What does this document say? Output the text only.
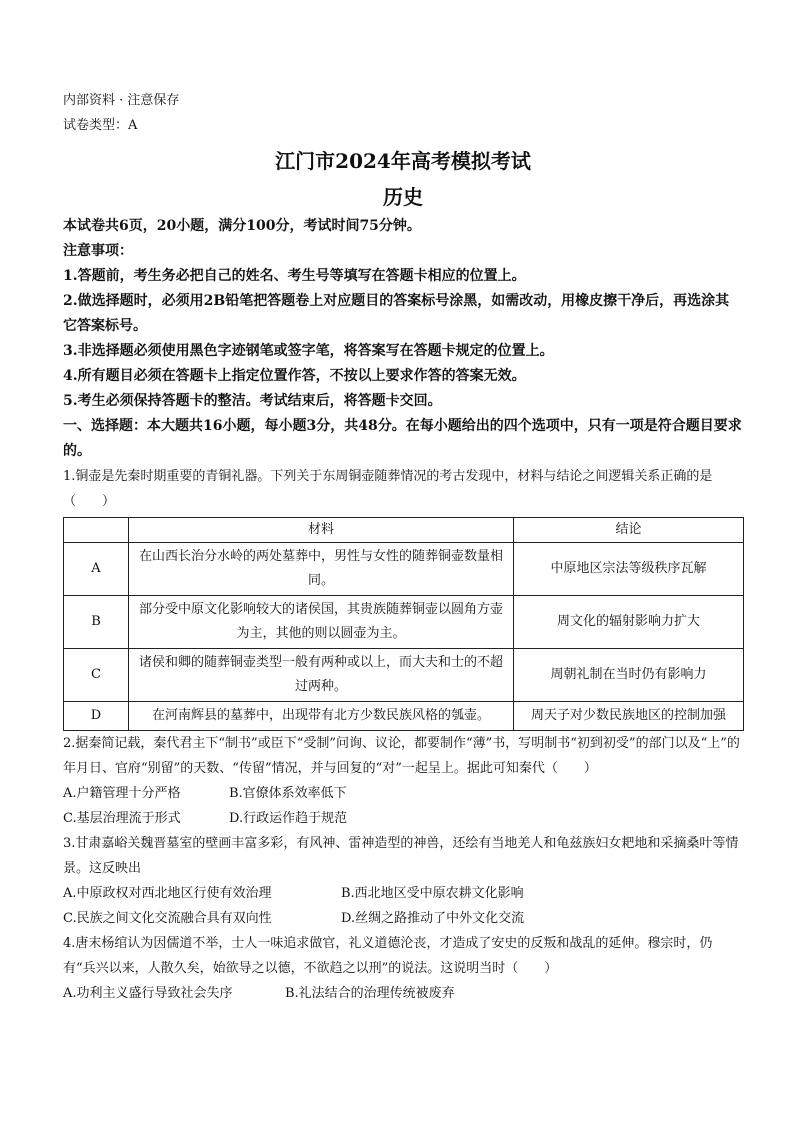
内部资料 · 注意保存
试卷类型：A
江门市2024年高考模拟考试
历史
本试卷共6页，20小题，满分100分，考试时间75分钟。
注意事项：
1.答题前，考生务必把自己的姓名、考生号等填写在答题卡相应的位置上。
2.做选择题时，必须用2B铅笔把答题卷上对应题目的答案标号涂黑，如需改动，用橡皮擦干净后，再选涂其它答案标号。
3.非选择题必须使用黑色字迹钢笔或签字笔，将答案写在答题卡规定的位置上。
4.所有题目必须在答题卡上指定位置作答，不按以上要求作答的答案无效。
5.考生必须保持答题卡的整洁。考试结束后，将答题卡交回。
一、选择题：本大题共16小题，每小题3分，共48分。在每小题给出的四个选项中，只有一项是符合题目要求的。
1.铜壶是先秦时期重要的青铜礼器。下列关于东周铜壶随葬情况的考古发现中，材料与结论之间逻辑关系正确的是（　　）
	材料	结论
A	在山西长治分水岭的两处墓葬中，男性与女性的随葬铜壶数量相同。	中原地区宗法等级秩序瓦解
B	部分受中原文化影响较大的诸侯国，其贵族随葬铜壶以圆角方壶为主，其他的则以圆壶为主。	周文化的辐射影响力扩大
C	诸侯和卿的随葬铜壶类型一般有两种或以上，而大夫和士的不超过两种。	周朝礼制在当时仍有影响力
D	在河南辉县的墓葬中，出现带有北方少数民族风格的瓠壶。	周天子对少数民族地区的控制加强
2.据秦简记载，秦代君主下“制书”或臣下“受制”问询、议论，都要制作“薄”书，写明制书“初到初受”的部门以及“上”的年月日、官府“别留”的天数、“传留”情况，并与回复的“对”一起呈上。据此可知秦代（　　）
A.户籍管理十分严格	B.官僚体系效率低下
C.基层治理流于形式	D.行政运作趋于规范
3.甘肃嘉峪关魏晋墓室的壁画丰富多彩，有风神、雷神造型的神兽，还绘有当地羌人和龟兹族妇女耙地和采摘桑叶等情景。这反映出
A.中原政权对西北地区行使有效治理	B.西北地区受中原农耕文化影响
C.民族之间文化交流融合具有双向性	D.丝绸之路推动了中外文化交流
4.唐末杨绾认为因儒道不举，士人一味追求做官，礼义道德沦丧，才造成了安史的反叛和战乱的延伸。穆宗时，仍有“兵兴以来，人散久矣，始欲导之以德，不欲趋之以刑”的说法。这说明当时（　　）
A.功利主义盛行导致社会失序	B.礼法结合的治理传统被废弃
